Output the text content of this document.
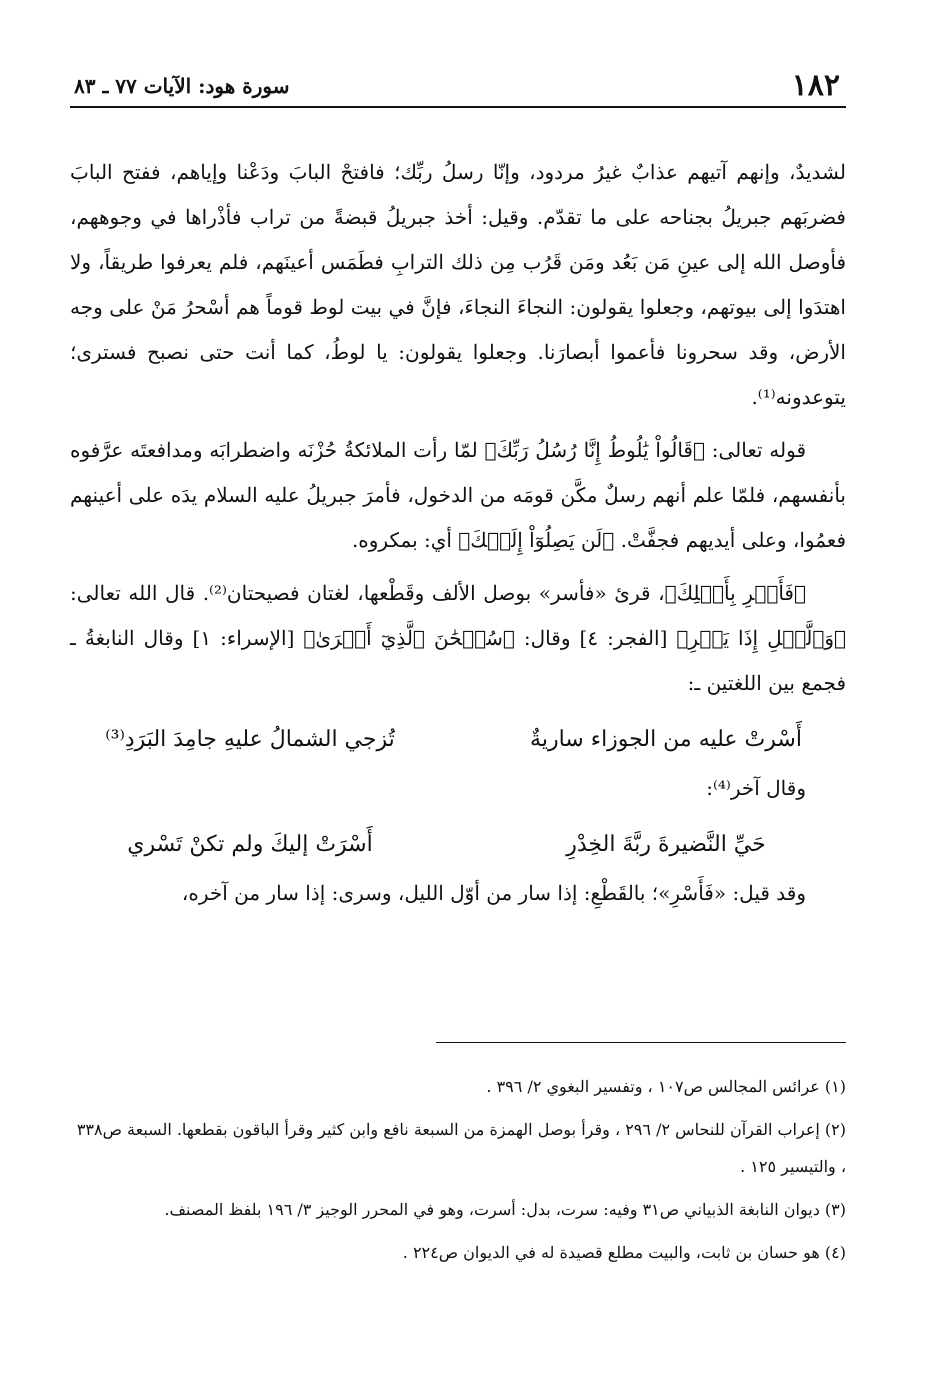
١٨٢
سورة هود: الآيات ٧٧ ـ ٨٣

لشديدٌ، وإنهم آتيهم عذابٌ غيرُ مردود، وإنّا رسلُ ربِّك؛ فافتحْ البابَ ودَعْنا وإياهم، ففتح البابَ فضربَهم جبريلُ بجناحه على ما تقدّم. وقيل: أخذ جبريلُ قبضةً من تراب فأذْراها في وجوههم، فأوصل الله إلى عينِ مَن بَعُد ومَن قَرُب مِن ذلك الترابِ فطَمَس أعينَهم، فلم يعرفوا طريقاً، ولا اهتدَوا إلى بيوتهم، وجعلوا يقولون: النجاءَ النجاءَ، فإنَّ في بيت لوط قوماً هم أسْحرُ مَنْ على وجه الأرض، وقد سحرونا فأعموا أبصارَنا. وجعلوا يقولون: يا لوطُ، كما أنت حتى نصبح فسترى؛ يتوعدونه⁽¹⁾.

قوله تعالى: ﴿قَالُواْ يَٰلُوطُ إِنَّا رُسُلُ رَبِّكَ﴾ لمّا رأت الملائكةُ حُزْنَه واضطرابَه ومدافعتَه عرَّفوه بأنفسهم، فلمّا علم أنهم رسلٌ مكَّن قومَه من الدخول، فأمرَ جبريلُ عليه السلام يدَه على أعينهم فعمُوا، وعلى أيديهم فجفَّتْ. ﴿لَن يَصِلُوٓاْ إِلَيۡكَ﴾ أي: بمكروه.

﴿فَأَسۡرِ بِأَهۡلِكَ﴾، قرئ «فأسر» بوصل الألف وقَطْعها، لغتان فصيحتان⁽²⁾. قال الله تعالى: ﴿وَٱلَّيۡلِ إِذَا يَسۡرِ﴾ [الفجر: ٤] وقال: ﴿سُبۡحَٰنَ ٱلَّذِيٓ أَسۡرَىٰ﴾ [الإسراء: ١] وقال النابغةُ ـ فجمع بين اللغتين ـ:

أَسْرتْ عليه من الجوزاء ساريةٌ
تُزجي الشمالُ عليهِ جامِدَ البَرَدِ⁽³⁾

وقال آخر⁽⁴⁾:

حَيِّ النَّضيرةَ ربَّةَ الخِدْرِ
أَسْرَتْ إليكَ ولم تكنْ تَسْري

وقد قيل: «فَأَسْرِ»؛ بالقَطْعِ: إذا سار من أوّل الليل، وسرى: إذا سار من آخره،

(١) عرائس المجالس ص١٠٧ ، وتفسير البغوي ٢/ ٣٩٦ .

(٢) إعراب القرآن للنحاس ٢/ ٢٩٦ ، وقرأ بوصل الهمزة من السبعة نافع وابن كثير وقرأ الباقون بقطعها. السبعة ص٣٣٨ ، والتيسير ١٢٥ .

(٣) ديوان النابغة الذبياني ص٣١ وفيه: سرت، بدل: أسرت، وهو في المحرر الوجيز ٣/ ١٩٦ بلفظ المصنف.

(٤) هو حسان بن ثابت، والبيت مطلع قصيدة له في الديوان ص٢٢٤ .
